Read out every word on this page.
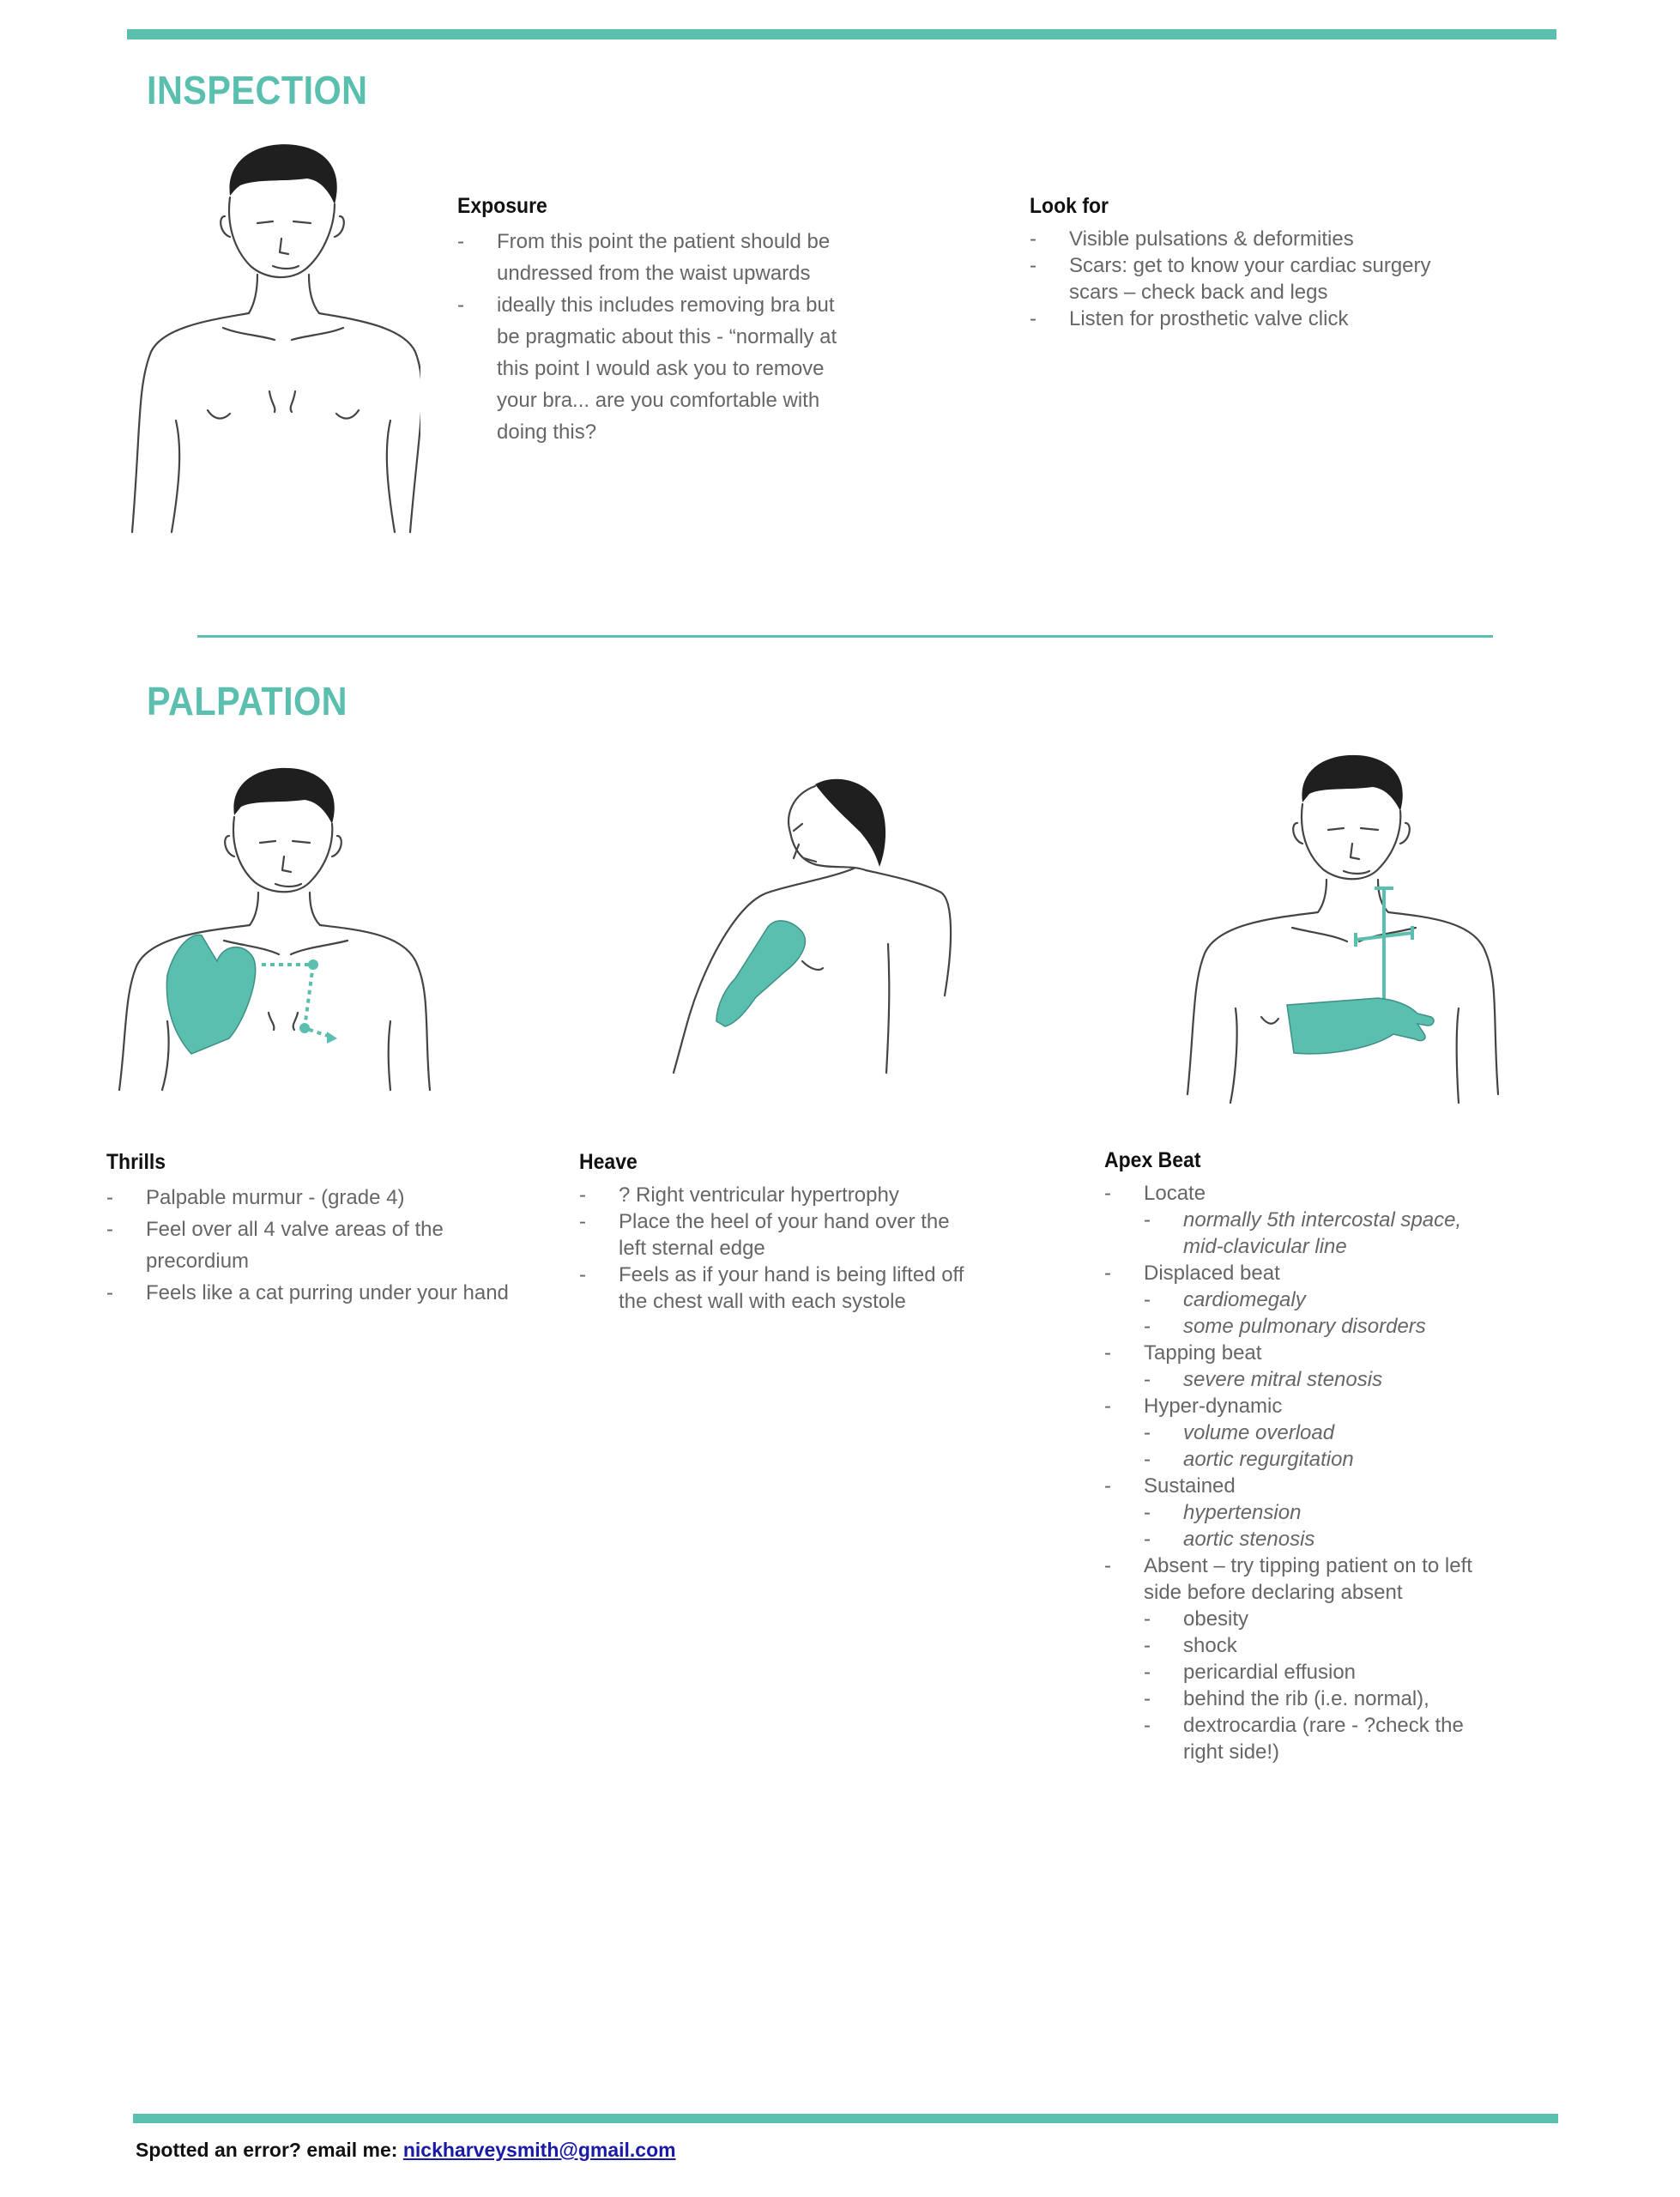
INSPECTION
Exposure
- From this point the patient should be undressed from the waist upwards
- ideally this includes removing bra but be pragmatic about this - “normally at this point I would ask you to remove your bra... are you comfortable with doing this?
Look for
- Visible pulsations & deformities
- Scars: get to know your cardiac surgery scars – check back and legs
- Listen for prosthetic valve click
PALPATION
Thrills
- Palpable murmur - (grade 4)
- Feel over all 4 valve areas of the precordium
- Feels like a cat purring under your hand
Heave
- ? Right ventricular hypertrophy
- Place the heel of your hand over the left sternal edge
- Feels as if your hand is being lifted off the chest wall with each systole
Apex Beat
- Locate
- normally 5th intercostal space, mid-clavicular line
- Displaced beat
- cardiomegaly
- some pulmonary disorders
- Tapping beat
- severe mitral stenosis
- Hyper-dynamic
- volume overload
- aortic regurgitation
- Sustained
- hypertension
- aortic stenosis
- Absent – try tipping patient on to left side before declaring absent
- obesity
- shock
- pericardial effusion
- behind the rib (i.e. normal),
- dextrocardia (rare - ?check the right side!)
Spotted an error? email me: nickharveysmith@gmail.com
